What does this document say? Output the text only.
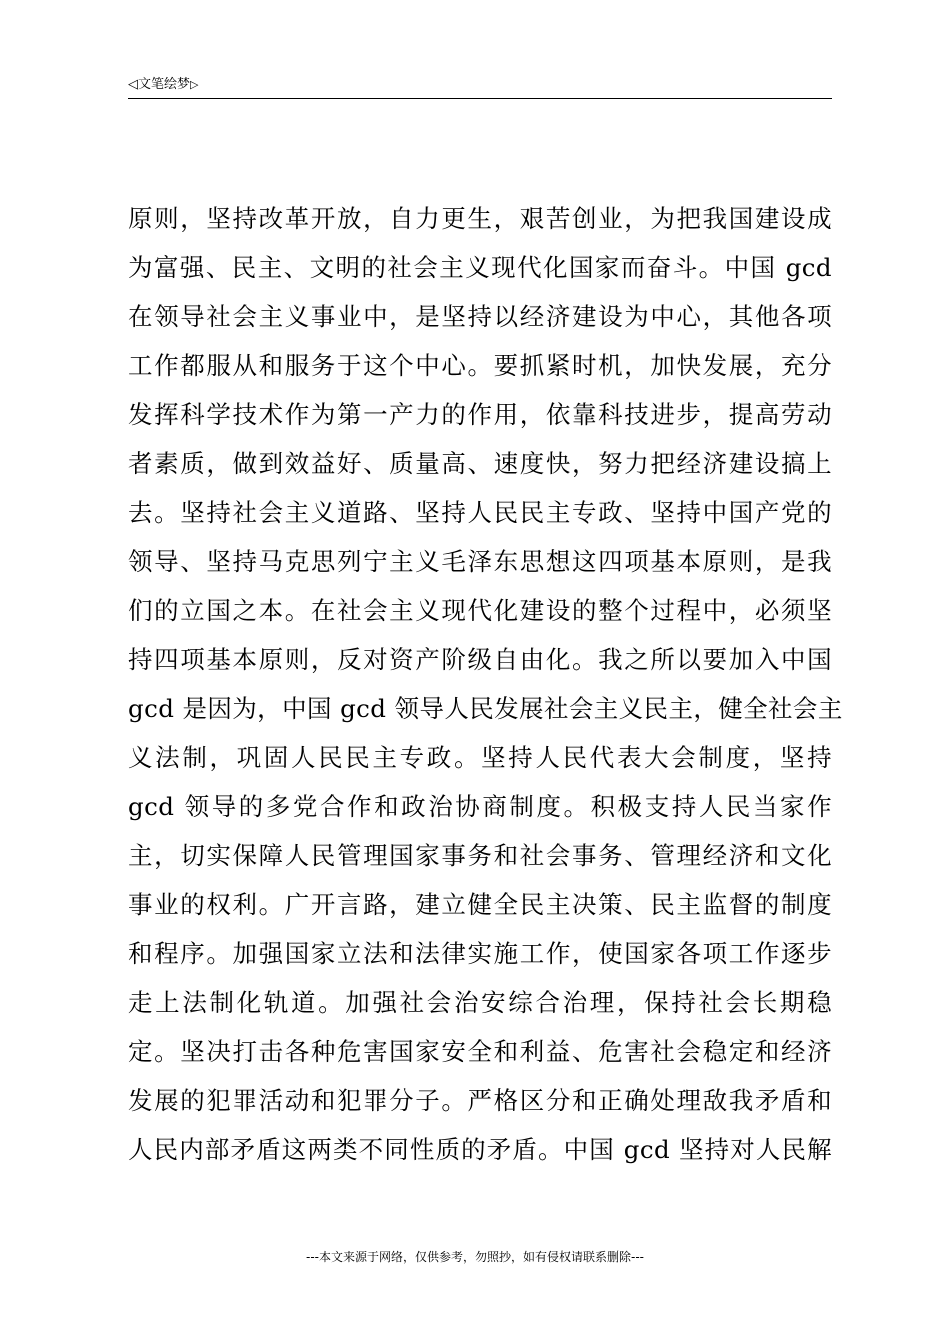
◁文笔绘梦▷
原则，坚持改革开放，自力更生，艰苦创业，为把我国建设成
为富强、民主、文明的社会主义现代化国家而奋斗。中国 gcd
在领导社会主义事业中，是坚持以经济建设为中心，其他各项
工作都服从和服务于这个中心。要抓紧时机，加快发展，充分
发挥科学技术作为第一产力的作用，依靠科技进步，提高劳动
者素质，做到效益好、质量高、速度快，努力把经济建设搞上
去。坚持社会主义道路、坚持人民民主专政、坚持中国产党的
领导、坚持马克思列宁主义毛泽东思想这四项基本原则，是我
们的立国之本。在社会主义现代化建设的整个过程中，必须坚
持四项基本原则，反对资产阶级自由化。我之所以要加入中国
gcd 是因为，中国 gcd 领导人民发展社会主义民主，健全社会主
义法制，巩固人民民主专政。坚持人民代表大会制度，坚持
gcd 领导的多党合作和政治协商制度。积极支持人民当家作
主，切实保障人民管理国家事务和社会事务、管理经济和文化
事业的权利。广开言路，建立健全民主决策、民主监督的制度
和程序。加强国家立法和法律实施工作，使国家各项工作逐步
走上法制化轨道。加强社会治安综合治理，保持社会长期稳
定。坚决打击各种危害国家安全和利益、危害社会稳定和经济
发展的犯罪活动和犯罪分子。严格区分和正确处理敌我矛盾和
人民内部矛盾这两类不同性质的矛盾。中国 gcd 坚持对人民解
---本文来源于网络，仅供参考，勿照抄，如有侵权请联系删除---
